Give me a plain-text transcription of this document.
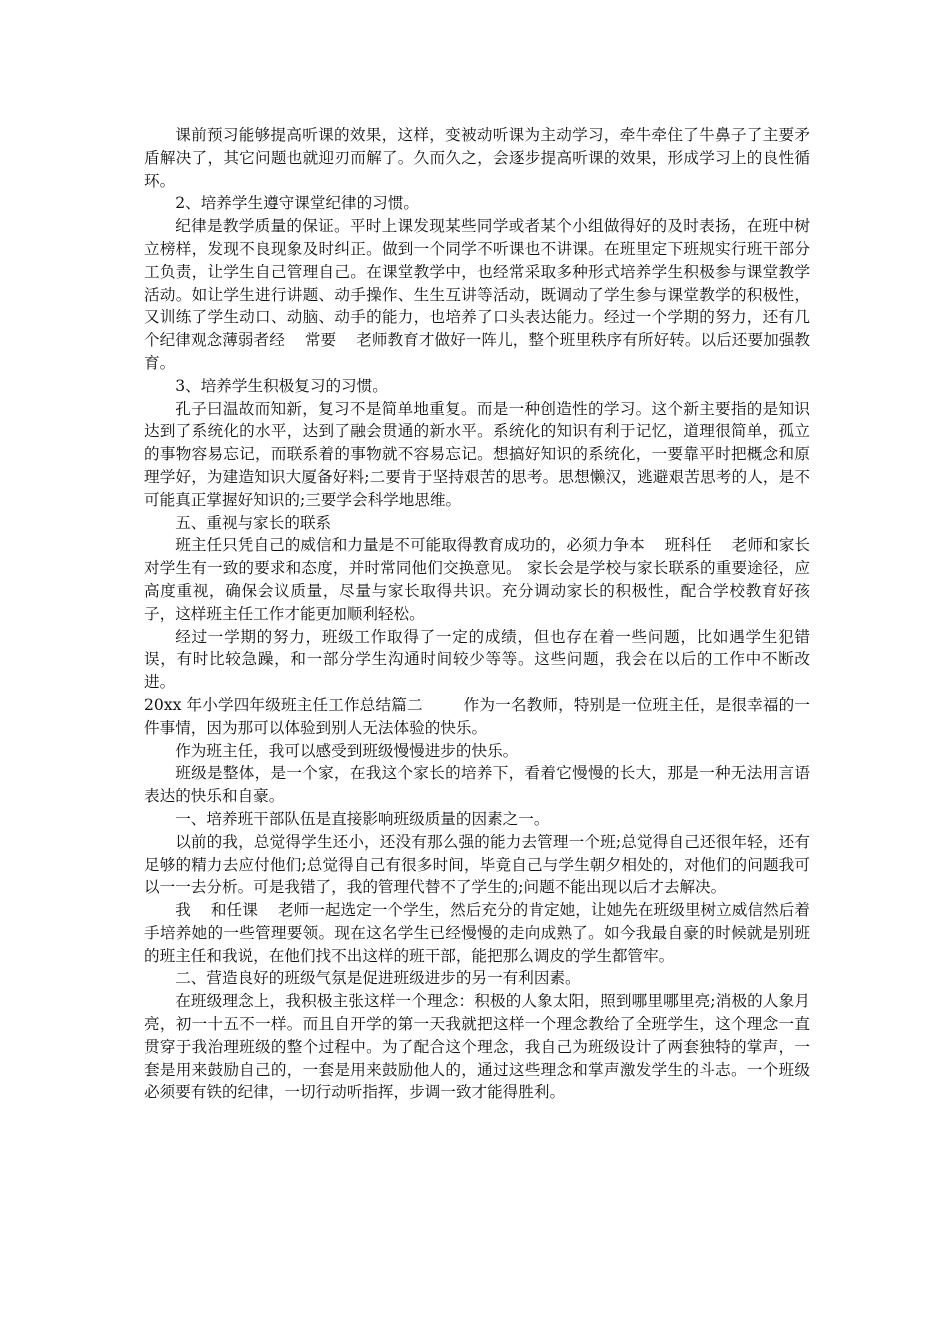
课前预习能够提高听课的效果，这样，变被动听课为主动学习，牵牛牵住了牛鼻子了主要矛盾解决了，其它问题也就迎刃而解了。久而久之，会逐步提高听课的效果，形成学习上的良性循环。

2、培养学生遵守课堂纪律的习惯。

纪律是教学质量的保证。平时上课发现某些同学或者某个小组做得好的及时表扬，在班中树立榜样，发现不良现象及时纠正。做到一个同学不听课也不讲课。在班里定下班规实行班干部分工负责，让学生自己管理自己。在课堂教学中，也经常采取多种形式培养学生积极参与课堂教学活动。如让学生进行讲题、动手操作、生生互讲等活动，既调动了学生参与课堂教学的积极性，又训练了学生动口、动脑、动手的能力，也培养了口头表达能力。经过一个学期的努力，还有几个纪律观念薄弱者经    常要    老师教育才做好一阵儿，整个班里秩序有所好转。以后还要加强教育。

3、培养学生积极复习的习惯。

孔子曰温故而知新，复习不是简单地重复。而是一种创造性的学习。这个新主要指的是知识达到了系统化的水平，达到了融会贯通的新水平。系统化的知识有利于记忆，道理很简单，孤立的事物容易忘记，而联系着的事物就不容易忘记。想搞好知识的系统化，一要靠平时把概念和原理学好，为建造知识大厦备好料;二要肯于坚持艰苦的思考。思想懒汉，逃避艰苦思考的人，是不可能真正掌握好知识的;三要学会科学地思维。

五、重视与家长的联系

班主任只凭自己的威信和力量是不可能取得教育成功的，必须力争本    班科任    老师和家长对学生有一致的要求和态度，并时常同他们交换意见。 家长会是学校与家长联系的重要途径，应高度重视，确保会议质量，尽量与家长取得共识。充分调动家长的积极性，配合学校教育好孩子，这样班主任工作才能更加顺利轻松。

经过一学期的努力，班级工作取得了一定的成绩，但也存在着一些问题，比如遇学生犯错误，有时比较急躁，和一部分学生沟通时间较少等等。这些问题，我会在以后的工作中不断改进。

20xx 年小学四年级班主任工作总结篇二        作为一名教师，特别是一位班主任，是很幸福的一件事情，因为那可以体验到别人无法体验的快乐。

作为班主任，我可以感受到班级慢慢进步的快乐。

班级是整体，是一个家，在我这个家长的培养下，看着它慢慢的长大，那是一种无法用言语表达的快乐和自豪。

一、培养班干部队伍是直接影响班级质量的因素之一。

以前的我，总觉得学生还小，还没有那么强的能力去管理一个班;总觉得自己还很年轻，还有足够的精力去应付他们;总觉得自己有很多时间，毕竟自己与学生朝夕相处的，对他们的问题我可以一一去分析。可是我错了，我的管理代替不了学生的;问题不能出现以后才去解决。

我    和任课    老师一起选定一个学生，然后充分的肯定她，让她先在班级里树立威信然后着手培养她的一些管理要领。现在这名学生已经慢慢的走向成熟了。如今我最自豪的时候就是别班的班主任和我说，在他们找不出这样的班干部，能把那么调皮的学生都管牢。

二、营造良好的班级气氛是促进班级进步的另一有利因素。

在班级理念上，我积极主张这样一个理念：积极的人象太阳，照到哪里哪里亮;消极的人象月亮，初一十五不一样。而且自开学的第一天我就把这样一个理念教给了全班学生，这个理念一直贯穿于我治理班级的整个过程中。为了配合这个理念，我自己为班级设计了两套独特的掌声，一套是用来鼓励自己的，一套是用来鼓励他人的，通过这些理念和掌声激发学生的斗志。一个班级必须要有铁的纪律，一切行动听指挥，步调一致才能得胜利。
